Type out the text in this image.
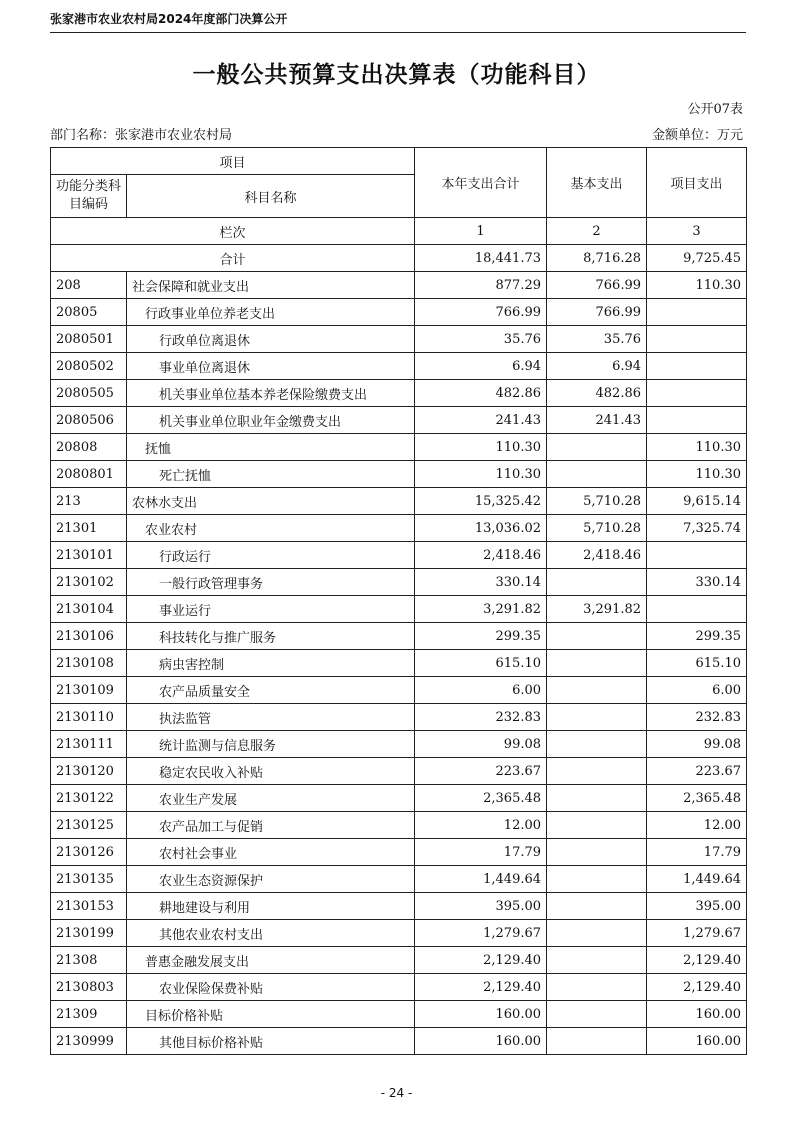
张家港市农业农村局2024年度部门决算公开
一般公共预算支出决算表（功能科目）
公开07表
部门名称：张家港市农业农村局	金额单位：万元
项目		本年支出合计	基本支出	项目支出
功能分类科目编码	科目名称			
栏次		1	2	3
合计		18,441.73	8,716.28	9,725.45
208	社会保障和就业支出	877.29	766.99	110.30
20805	行政事业单位养老支出	766.99	766.99	
2080501	行政单位离退休	35.76	35.76	
2080502	事业单位离退休	6.94	6.94	
2080505	机关事业单位基本养老保险缴费支出	482.86	482.86	
2080506	机关事业单位职业年金缴费支出	241.43	241.43	
20808	抚恤	110.30		110.30
2080801	死亡抚恤	110.30		110.30
213	农林水支出	15,325.42	5,710.28	9,615.14
21301	农业农村	13,036.02	5,710.28	7,325.74
2130101	行政运行	2,418.46	2,418.46	
2130102	一般行政管理事务	330.14		330.14
2130104	事业运行	3,291.82	3,291.82	
2130106	科技转化与推广服务	299.35		299.35
2130108	病虫害控制	615.10		615.10
2130109	农产品质量安全	6.00		6.00
2130110	执法监管	232.83		232.83
2130111	统计监测与信息服务	99.08		99.08
2130120	稳定农民收入补贴	223.67		223.67
2130122	农业生产发展	2,365.48		2,365.48
2130125	农产品加工与促销	12.00		12.00
2130126	农村社会事业	17.79		17.79
2130135	农业生态资源保护	1,449.64		1,449.64
2130153	耕地建设与利用	395.00		395.00
2130199	其他农业农村支出	1,279.67		1,279.67
21308	普惠金融发展支出	2,129.40		2,129.40
2130803	农业保险保费补贴	2,129.40		2,129.40
21309	目标价格补贴	160.00		160.00
2130999	其他目标价格补贴	160.00		160.00
- 24 -
